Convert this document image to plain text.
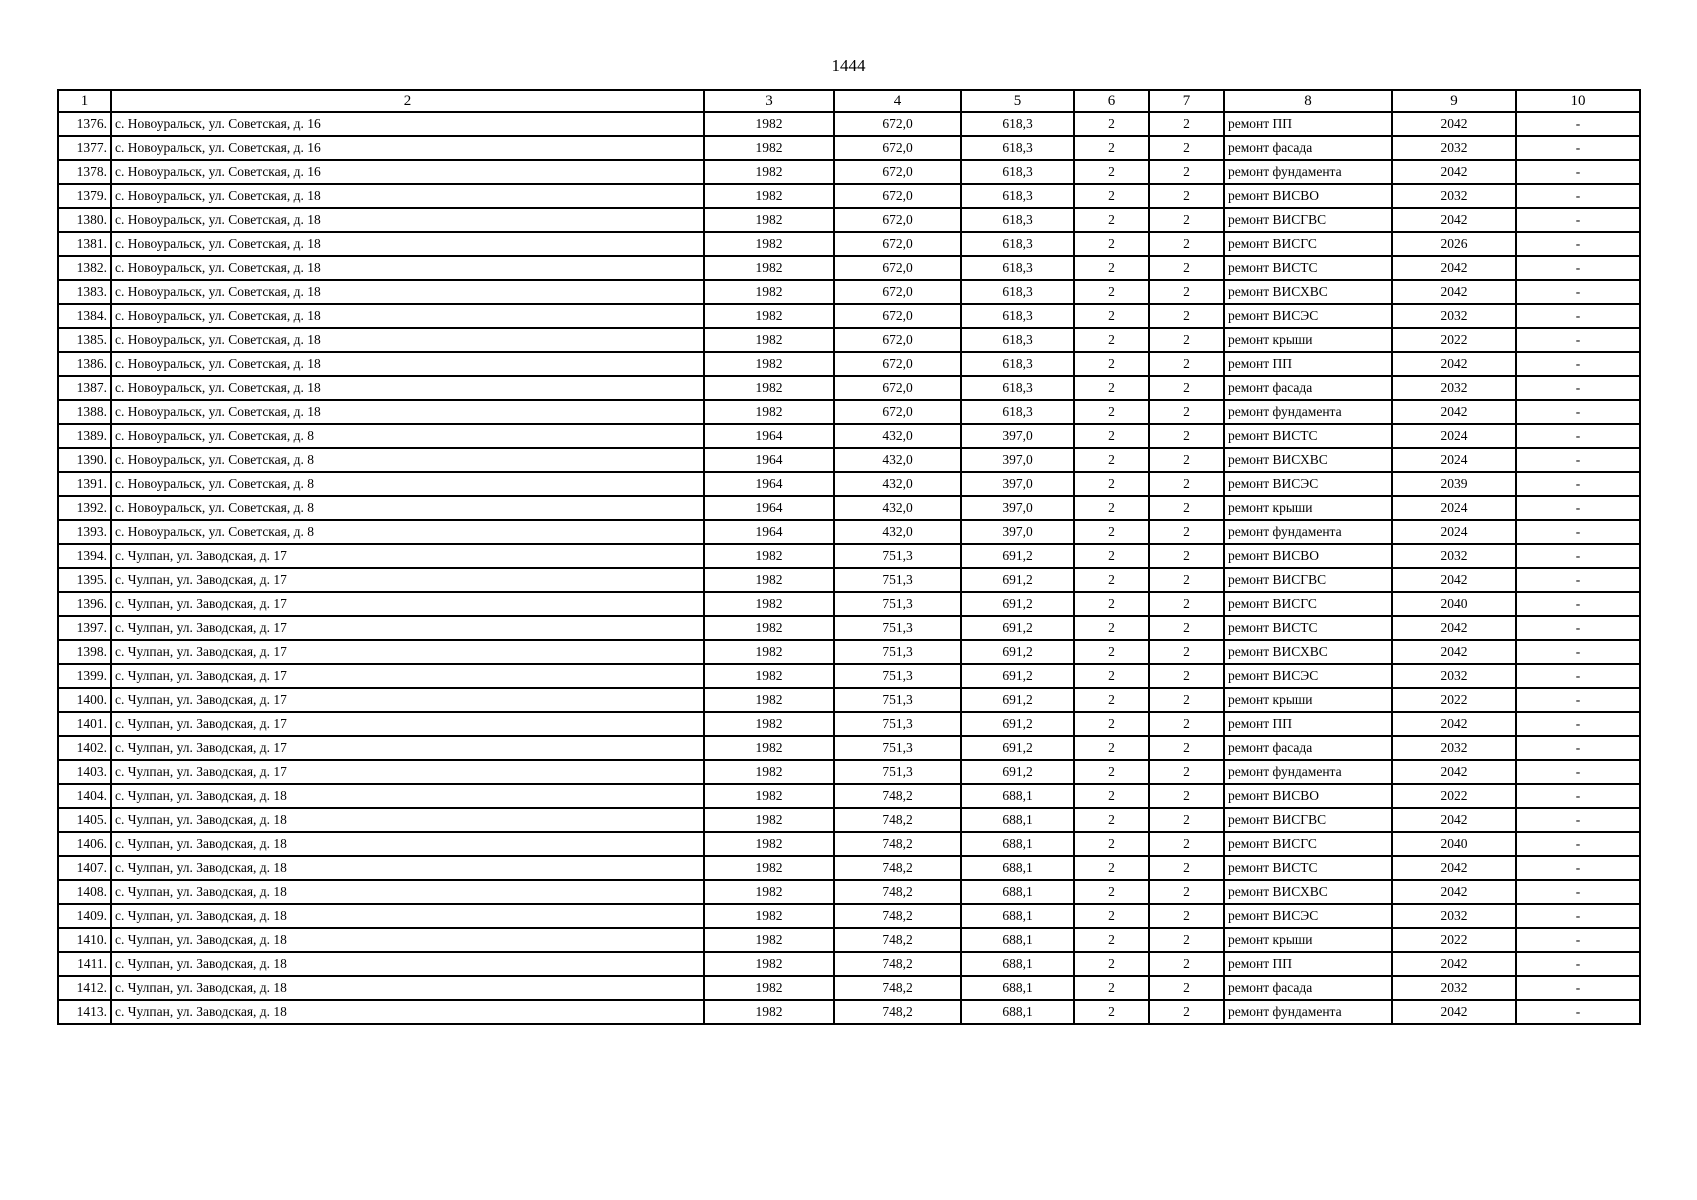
1444
1	2	3	4	5	6	7	8	9	10
1376.	с. Новоуральск, ул. Советская, д. 16	1982	672,0	618,3	2	2	ремонт ПП	2042	-
1377.	с. Новоуральск, ул. Советская, д. 16	1982	672,0	618,3	2	2	ремонт фасада	2032	-
1378.	с. Новоуральск, ул. Советская, д. 16	1982	672,0	618,3	2	2	ремонт фундамента	2042	-
1379.	с. Новоуральск, ул. Советская, д. 18	1982	672,0	618,3	2	2	ремонт ВИСВО	2032	-
1380.	с. Новоуральск, ул. Советская, д. 18	1982	672,0	618,3	2	2	ремонт ВИСГВС	2042	-
1381.	с. Новоуральск, ул. Советская, д. 18	1982	672,0	618,3	2	2	ремонт ВИСГС	2026	-
1382.	с. Новоуральск, ул. Советская, д. 18	1982	672,0	618,3	2	2	ремонт ВИСТС	2042	-
1383.	с. Новоуральск, ул. Советская, д. 18	1982	672,0	618,3	2	2	ремонт ВИСХВС	2042	-
1384.	с. Новоуральск, ул. Советская, д. 18	1982	672,0	618,3	2	2	ремонт ВИСЭС	2032	-
1385.	с. Новоуральск, ул. Советская, д. 18	1982	672,0	618,3	2	2	ремонт крыши	2022	-
1386.	с. Новоуральск, ул. Советская, д. 18	1982	672,0	618,3	2	2	ремонт ПП	2042	-
1387.	с. Новоуральск, ул. Советская, д. 18	1982	672,0	618,3	2	2	ремонт фасада	2032	-
1388.	с. Новоуральск, ул. Советская, д. 18	1982	672,0	618,3	2	2	ремонт фундамента	2042	-
1389.	с. Новоуральск, ул. Советская, д. 8	1964	432,0	397,0	2	2	ремонт ВИСТС	2024	-
1390.	с. Новоуральск, ул. Советская, д. 8	1964	432,0	397,0	2	2	ремонт ВИСХВС	2024	-
1391.	с. Новоуральск, ул. Советская, д. 8	1964	432,0	397,0	2	2	ремонт ВИСЭС	2039	-
1392.	с. Новоуральск, ул. Советская, д. 8	1964	432,0	397,0	2	2	ремонт крыши	2024	-
1393.	с. Новоуральск, ул. Советская, д. 8	1964	432,0	397,0	2	2	ремонт фундамента	2024	-
1394.	с. Чулпан, ул. Заводская, д. 17	1982	751,3	691,2	2	2	ремонт ВИСВО	2032	-
1395.	с. Чулпан, ул. Заводская, д. 17	1982	751,3	691,2	2	2	ремонт ВИСГВС	2042	-
1396.	с. Чулпан, ул. Заводская, д. 17	1982	751,3	691,2	2	2	ремонт ВИСГС	2040	-
1397.	с. Чулпан, ул. Заводская, д. 17	1982	751,3	691,2	2	2	ремонт ВИСТС	2042	-
1398.	с. Чулпан, ул. Заводская, д. 17	1982	751,3	691,2	2	2	ремонт ВИСХВС	2042	-
1399.	с. Чулпан, ул. Заводская, д. 17	1982	751,3	691,2	2	2	ремонт ВИСЭС	2032	-
1400.	с. Чулпан, ул. Заводская, д. 17	1982	751,3	691,2	2	2	ремонт крыши	2022	-
1401.	с. Чулпан, ул. Заводская, д. 17	1982	751,3	691,2	2	2	ремонт ПП	2042	-
1402.	с. Чулпан, ул. Заводская, д. 17	1982	751,3	691,2	2	2	ремонт фасада	2032	-
1403.	с. Чулпан, ул. Заводская, д. 17	1982	751,3	691,2	2	2	ремонт фундамента	2042	-
1404.	с. Чулпан, ул. Заводская, д. 18	1982	748,2	688,1	2	2	ремонт ВИСВО	2022	-
1405.	с. Чулпан, ул. Заводская, д. 18	1982	748,2	688,1	2	2	ремонт ВИСГВС	2042	-
1406.	с. Чулпан, ул. Заводская, д. 18	1982	748,2	688,1	2	2	ремонт ВИСГС	2040	-
1407.	с. Чулпан, ул. Заводская, д. 18	1982	748,2	688,1	2	2	ремонт ВИСТС	2042	-
1408.	с. Чулпан, ул. Заводская, д. 18	1982	748,2	688,1	2	2	ремонт ВИСХВС	2042	-
1409.	с. Чулпан, ул. Заводская, д. 18	1982	748,2	688,1	2	2	ремонт ВИСЭС	2032	-
1410.	с. Чулпан, ул. Заводская, д. 18	1982	748,2	688,1	2	2	ремонт крыши	2022	-
1411.	с. Чулпан, ул. Заводская, д. 18	1982	748,2	688,1	2	2	ремонт ПП	2042	-
1412.	с. Чулпан, ул. Заводская, д. 18	1982	748,2	688,1	2	2	ремонт фасада	2032	-
1413.	с. Чулпан, ул. Заводская, д. 18	1982	748,2	688,1	2	2	ремонт фундамента	2042	-
